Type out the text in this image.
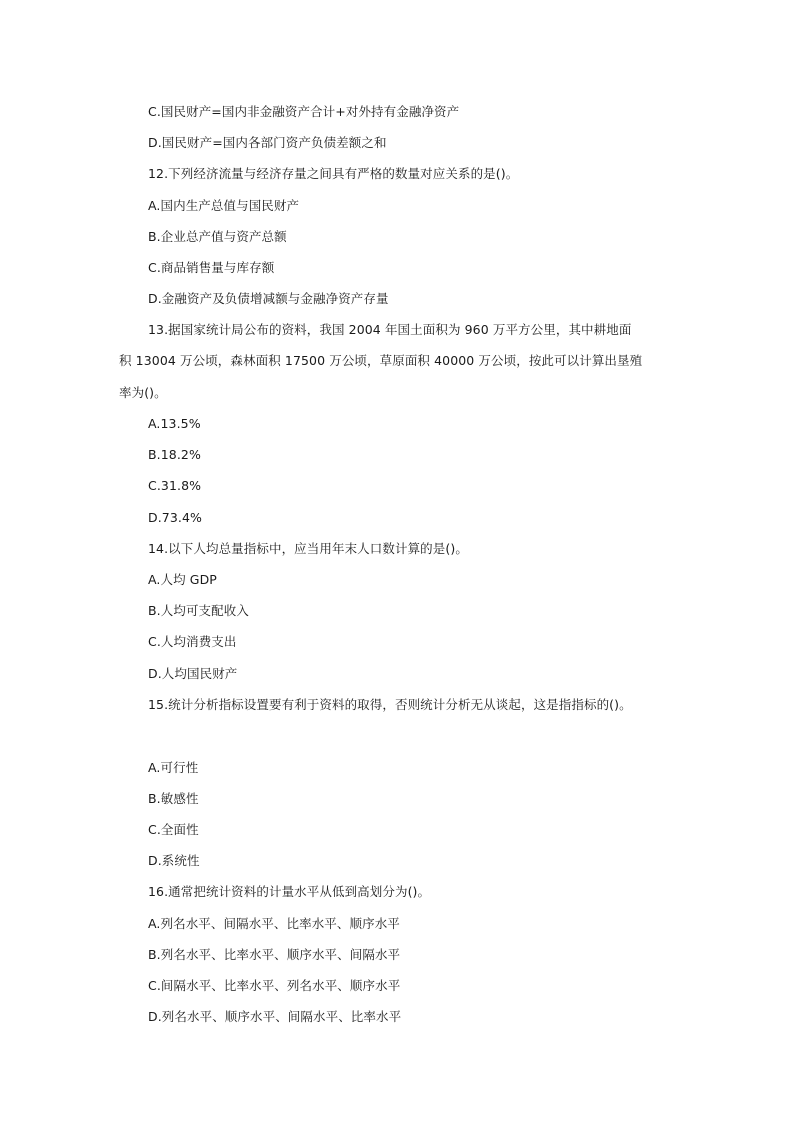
C.国民财产=国内非金融资产合计+对外持有金融净资产
D.国民财产=国内各部门资产负债差额之和
12.下列经济流量与经济存量之间具有严格的数量对应关系的是()。
A.国内生产总值与国民财产
B.企业总产值与资产总额
C.商品销售量与库存额
D.金融资产及负债增减额与金融净资产存量
13.据国家统计局公布的资料，我国 2004 年国土面积为 960 万平方公里，其中耕地面
积 13004 万公顷，森林面积 17500 万公顷，草原面积 40000 万公顷，按此可以计算出垦殖
率为()。
A.13.5%
B.18.2%
C.31.8%
D.73.4%
14.以下人均总量指标中，应当用年末人口数计算的是()。
A.人均 GDP
B.人均可支配收入
C.人均消费支出
D.人均国民财产
15.统计分析指标设置要有利于资料的取得，否则统计分析无从谈起，这是指指标的()。
A.可行性
B.敏感性
C.全面性
D.系统性
16.通常把统计资料的计量水平从低到高划分为()。
A.列名水平、间隔水平、比率水平、顺序水平
B.列名水平、比率水平、顺序水平、间隔水平
C.间隔水平、比率水平、列名水平、顺序水平
D.列名水平、顺序水平、间隔水平、比率水平
